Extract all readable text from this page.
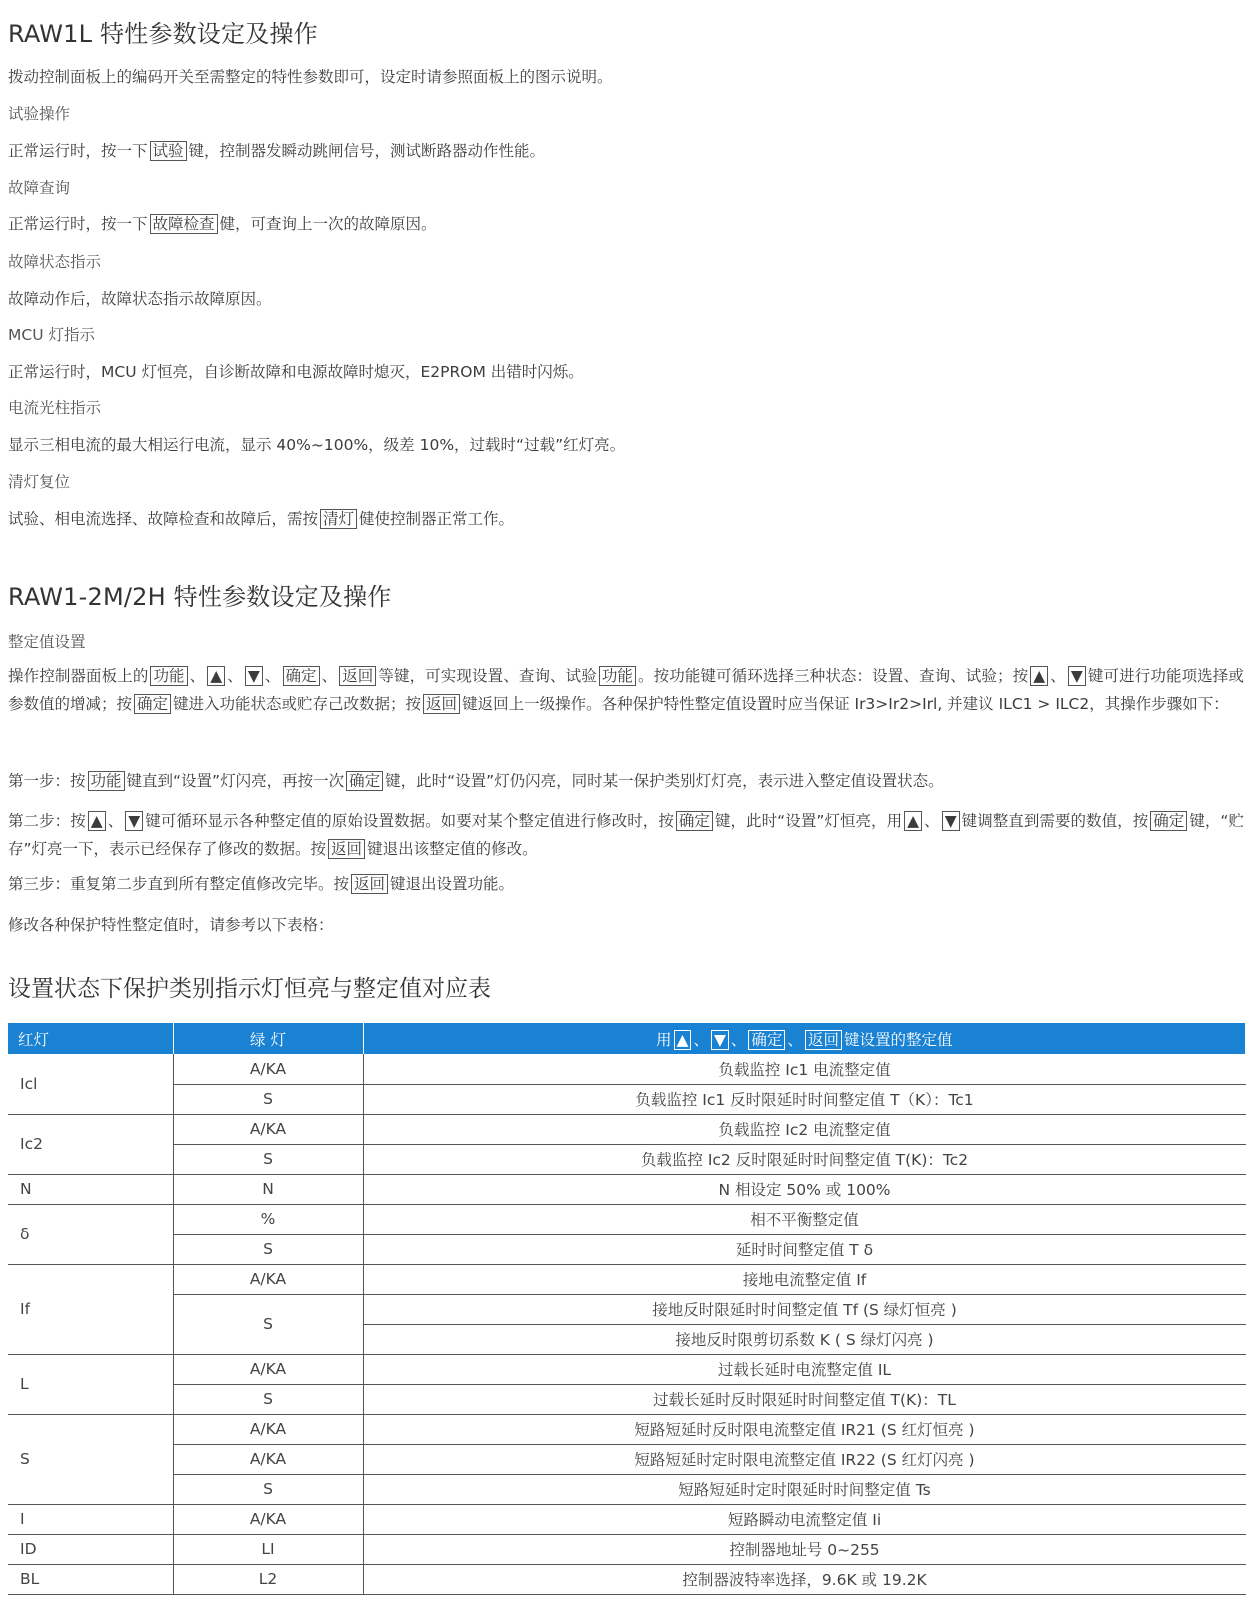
RAW1L 特性参数设定及操作
拨动控制面板上的编码开关至需整定的特性参数即可，设定时请参照面板上的图示说明。
试验操作
正常运行时，按一下 试验 键，控制器发瞬动跳闸信号，测试断路器动作性能。
故障查询
正常运行时，按一下 故障检查 健，可查询上一次的故障原因。
故障状态指示
故障动作后，故障状态指示故障原因。
MCU 灯指示
正常运行时，MCU 灯恒亮，自诊断故障和电源故障时熄灭，E2PROM 出错时闪烁。
电流光柱指示
显示三相电流的最大相运行电流，显示 40%~100%，级差 10%，过载时“过载”红灯亮。
清灯复位
试验、相电流选择、故障检查和故障后，需按 清灯 健使控制器正常工作。
RAW1-2M/2H 特性参数设定及操作
整定值设置
操作控制器面板上的 功能 、 ▲ 、 ▼ 、 确定 、 返回 等键，可实现设置、查询、试验 功能 。按功能键可循环选择三种状态：设置、查询、试验；按 ▲ 、 ▼ 键可进行功能项选择或参数值的增减；按 确定 键进入功能状态或贮存己改数据；按 返回 键返回上一级操作。各种保护特性整定值设置时应当保证 Ir3>Ir2>Irl, 并建议 ILC1 > ILC2，其操作步骤如下：
第一步：按 功能 键直到“设置”灯闪亮，再按一次 确定 键，此时“设置”灯仍闪亮，同时某一保护类别灯灯亮，表示进入整定值设置状态。
第二步：按 ▲ 、 ▼ 键可循环显示各种整定值的原始设置数据。如要对某个整定值进行修改时，按 确定 键，此时“设置”灯恒亮，用 ▲ 、 ▼ 键调整直到需要的数值，按 确定 键，“贮存”灯亮一下，表示已经保存了修改的数据。按 返回 键退出该整定值的修改。
第三步：重复第二步直到所有整定值修改完毕。按 返回 键退出设置功能。
修改各种保护特性整定值时，请参考以下表格：
设置状态下保护类别指示灯恒亮与整定值对应表
红灯	绿 灯	用 ▲ 、 ▼ 、 确定 、 返回 键设置的整定值
Icl	A/KA	负载监控 Ic1 电流整定值
	S	负载监控 Ic1 反时限延时时间整定值 T（K）：Tc1
Ic2	A/KA	负载监控 Ic2 电流整定值
	S	负载监控 Ic2 反时限延时时间整定值 T(K)：Tc2
N	N	N 相设定 50% 或 100%
δ	%	相不平衡整定值
	S	延时时间整定值 T δ
If	A/KA	接地电流整定值 If
	S	接地反时限延时时间整定值 Tf (S 绿灯恒亮 )
		接地反时限剪切系数 K ( S 绿灯闪亮 )
L	A/KA	过载长延时电流整定值 IL
	S	过载长延时反时限延时时间整定值 T(K)：TL
S	A/KA	短路短延时反时限电流整定值 IR21 (S 红灯恒亮 )
	A/KA	短路短延时定时限电流整定值 IR22 (S 红灯闪亮 )
	S	短路短延时定时限延时时间整定值 Ts
I	A/KA	短路瞬动电流整定值 Ii
ID	LI	控制器地址号 0~255
BL	L2	控制器波特率选择，9.6K 或 19.2K
